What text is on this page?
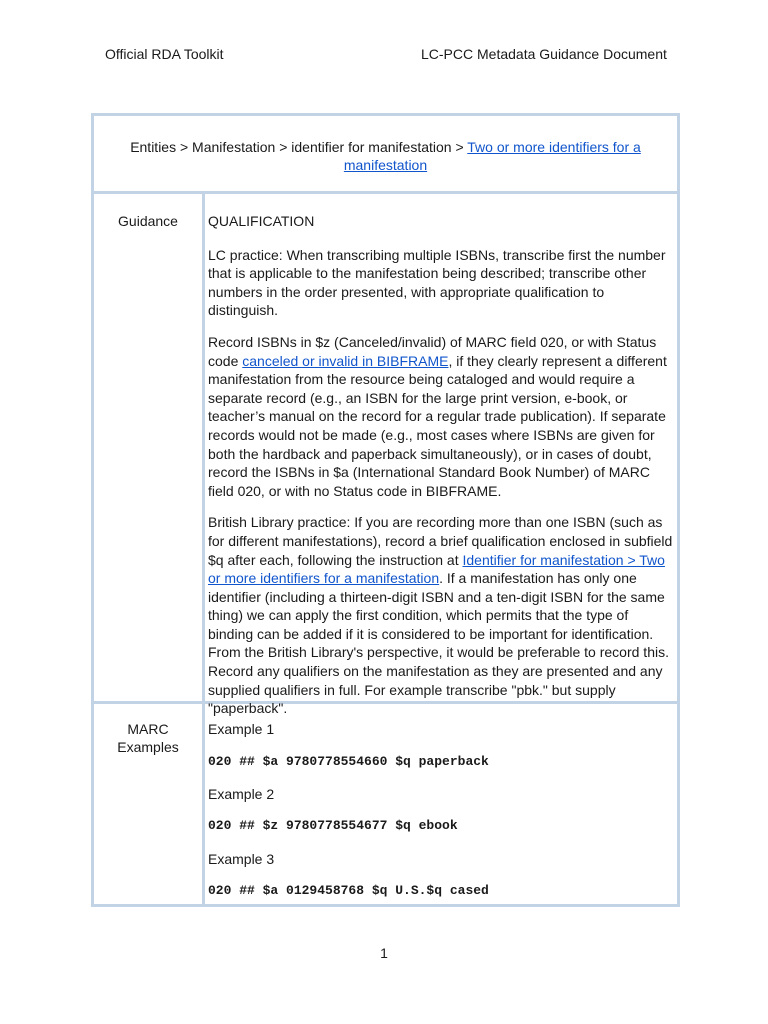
Official RDA Toolkit	LC-PCC Metadata Guidance Document
Entities > Manifestation > identifier for manifestation > Two or more identifiers for a manifestation
Guidance	QUALIFICATION

LC practice: When transcribing multiple ISBNs, transcribe first the number that is applicable to the manifestation being described; transcribe other numbers in the order presented, with appropriate qualification to distinguish.

Record ISBNs in $z (Canceled/invalid) of MARC field 020, or with Status code canceled or invalid in BIBFRAME, if they clearly represent a different manifestation from the resource being cataloged and would require a separate record (e.g., an ISBN for the large print version, e-book, or teacher’s manual on the record for a regular trade publication). If separate records would not be made (e.g., most cases where ISBNs are given for both the hardback and paperback simultaneously), or in cases of doubt, record the ISBNs in $a (International Standard Book Number) of MARC field 020, or with no Status code in BIBFRAME.

British Library practice: If you are recording more than one ISBN (such as for different manifestations), record a brief qualification enclosed in subfield $q after each, following the instruction at Identifier for manifestation > Two or more identifiers for a manifestation. If a manifestation has only one identifier (including a thirteen-digit ISBN and a ten-digit ISBN for the same thing) we can apply the first condition, which permits that the type of binding can be added if it is considered to be important for identification. From the British Library's perspective, it would be preferable to record this. Record any qualifiers on the manifestation as they are presented and any supplied qualifiers in full. For example transcribe "pbk." but supply "paperback".

MARC
Examples
Example 1
020 ## $a 9780778554660 $q paperback
Example 2
020 ## $z 9780778554677 $q ebook
Example 3
020 ## $a 0129458768 $q U.S.$q cased
1
